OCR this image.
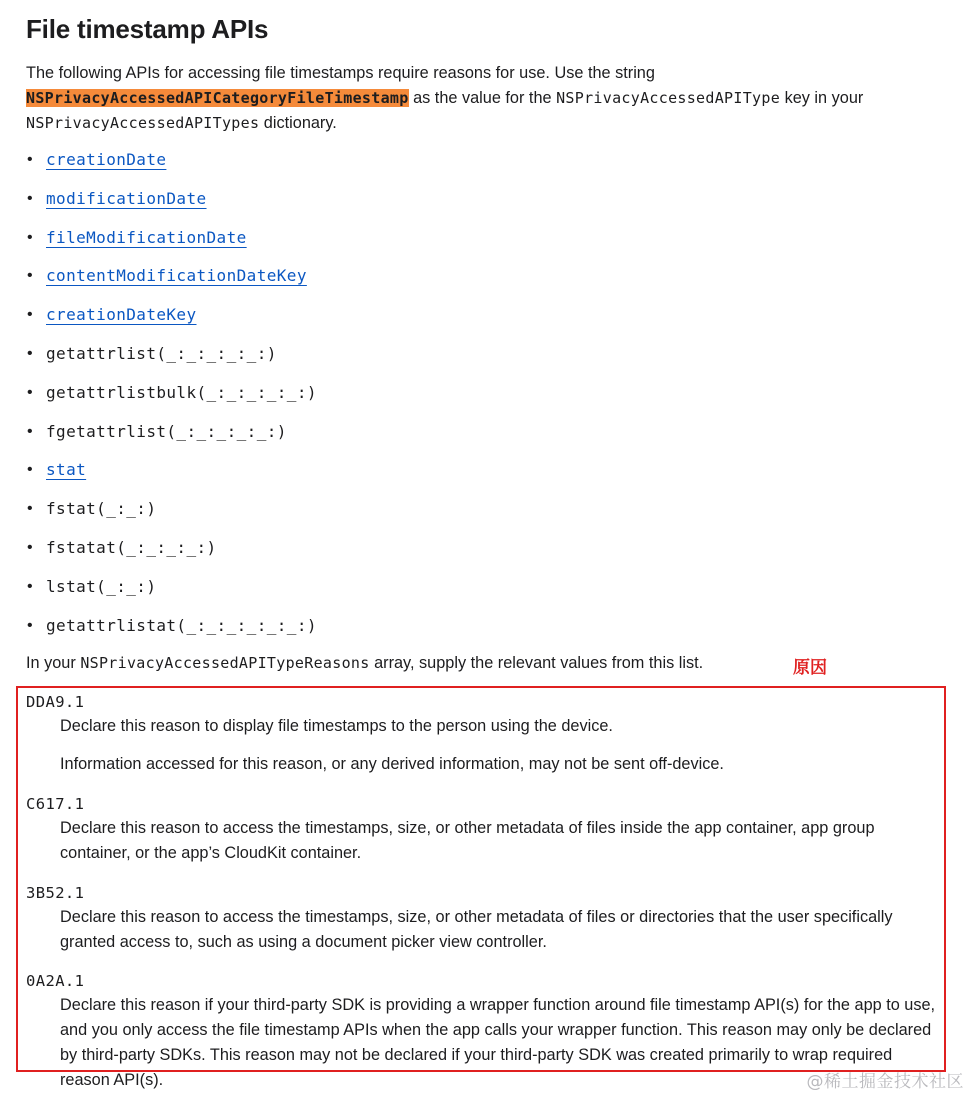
File timestamp APIs

The following APIs for accessing file timestamps require reasons for use. Use the string NSPrivacyAccessedAPICategoryFileTimestamp as the value for the NSPrivacyAccessedAPIType key in your NSPrivacyAccessedAPITypes dictionary.

• creationDate
• modificationDate
• fileModificationDate
• contentModificationDateKey
• creationDateKey
• getattrlist(_:_:_:_:_:)
• getattrlistbulk(_:_:_:_:_:)
• fgetattrlist(_:_:_:_:_:)
• stat
• fstat(_:_:)
• fstatat(_:_:_:_:)
• lstat(_:_:)
• getattrlistat(_:_:_:_:_:_:)

In your NSPrivacyAccessedAPITypeReasons array, supply the relevant values from this list.	原因
DDA9.1
Declare this reason to display file timestamps to the person using the device.
Information accessed for this reason, or any derived information, may not be sent off-device.
C617.1
Declare this reason to access the timestamps, size, or other metadata of files inside the app container, app group container, or the app’s CloudKit container.
3B52.1
Declare this reason to access the timestamps, size, or other metadata of files or directories that the user specifically granted access to, such as using a document picker view controller.
0A2A.1
Declare this reason if your third-party SDK is providing a wrapper function around file timestamp API(s) for the app to use, and you only access the file timestamp APIs when the app calls your wrapper function. This reason may only be declared by third-party SDKs. This reason may not be declared if your third-party SDK was created primarily to wrap required reason API(s).	@稀土掘金技术社区
